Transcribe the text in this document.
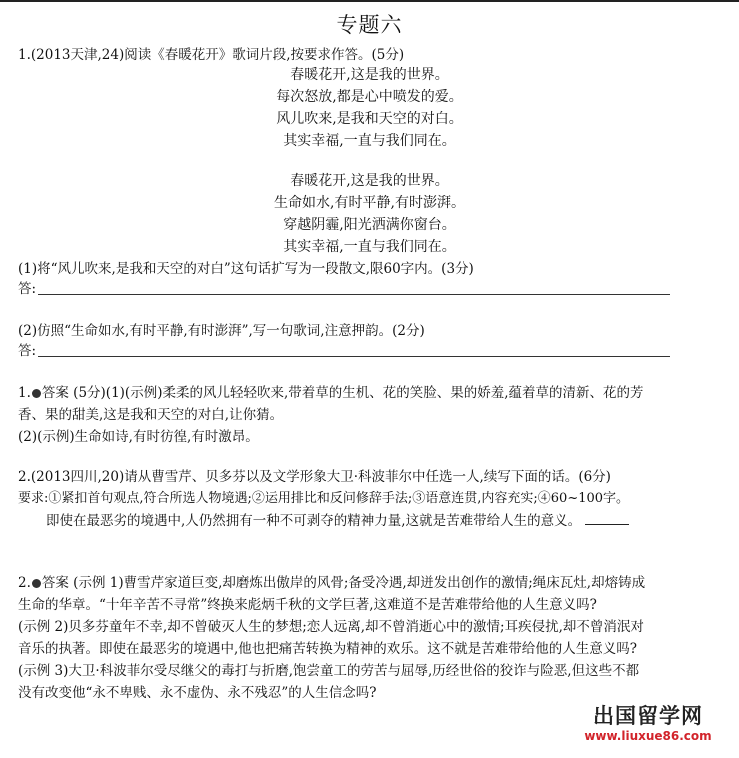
专题六
1.(2013天津,24)阅读《春暖花开》歌词片段,按要求作答。(5分)
春暖花开,这是我的世界。
每次怒放,都是心中喷发的爱。
风儿吹来,是我和天空的对白。
其实幸福,一直与我们同在。
春暖花开,这是我的世界。
生命如水,有时平静,有时澎湃。
穿越阴霾,阳光洒满你窗台。
其实幸福,一直与我们同在。
(1)将“风儿吹来,是我和天空的对白”这句话扩写为一段散文,限60字内。(3分)
答:
(2)仿照“生命如水,有时平静,有时澎湃”,写一句歌词,注意押韵。(2分)
答:
1. 答案 (5分)(1)(示例)柔柔的风儿轻轻吹来,带着草的生机、花的笑脸、果的娇羞,蕴着草的清新、花的芳
香、果的甜美,这是我和天空的对白,让你猜。
(2)(示例)生命如诗,有时彷徨,有时激昂。
2.(2013四川,20)请从曹雪芹、贝多芬以及文学形象大卫·科波菲尔中任选一人,续写下面的话。(6分)
要求:①紧扣首句观点,符合所选人物境遇;②运用排比和反问修辞手法;③语意连贯,内容充实;④60~100字。
即使在最恶劣的境遇中,人仍然拥有一种不可剥夺的精神力量,这就是苦难带给人生的意义。
2. 答案 (示例 1)曹雪芹家道巨变,却磨炼出傲岸的风骨;备受冷遇,却迸发出创作的激情;绳床瓦灶,却熔铸成
生命的华章。“十年辛苦不寻常”终换来彪炳千秋的文学巨著,这难道不是苦难带给他的人生意义吗?
(示例 2)贝多芬童年不幸,却不曾破灭人生的梦想;恋人远离,却不曾消逝心中的激情;耳疾侵扰,却不曾消泯对
音乐的执著。即使在最恶劣的境遇中,他也把痛苦转换为精神的欢乐。这不就是苦难带给他的人生意义吗?
(示例 3)大卫·科波菲尔受尽继父的毒打与折磨,饱尝童工的劳苦与屈辱,历经世俗的狡诈与险恶,但这些不都
没有改变他“永不卑贱、永不虚伪、永不残忍”的人生信念吗?
出国留学网
www.liuxue86.com
